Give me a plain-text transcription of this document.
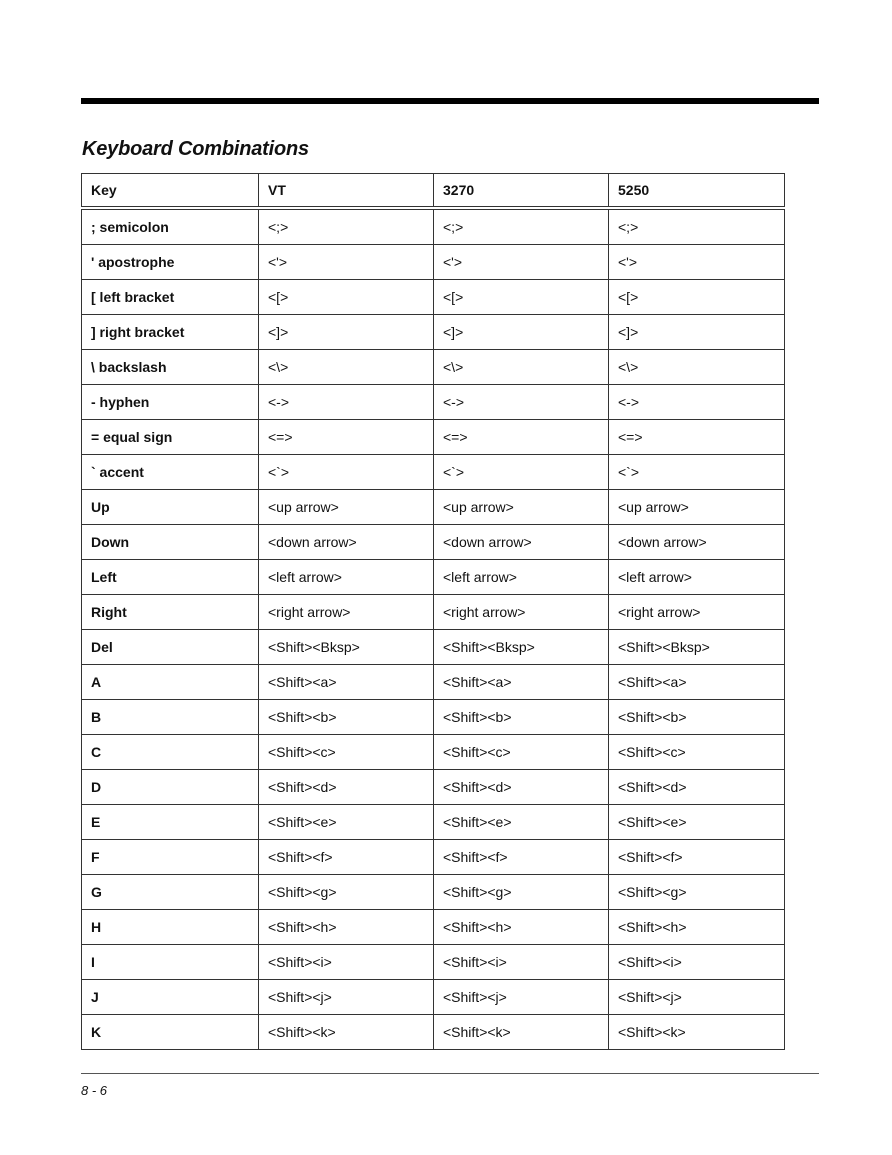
Keyboard Combinations
Key	VT	3270	5250
; semicolon	<;>	<;>	<;>
' apostrophe	<'>	<'>	<'>
[ left bracket	<[>	<[>	<[>
] right bracket	<]>	<]>	<]>
\ backslash	<\>	<\>	<\>
- hyphen	<->	<->	<->
= equal sign	<=>	<=>	<=>
` accent	<`>	<`>	<`>
Up	<up arrow>	<up arrow>	<up arrow>
Down	<down arrow>	<down arrow>	<down arrow>
Left	<left arrow>	<left arrow>	<left arrow>
Right	<right arrow>	<right arrow>	<right arrow>
Del	<Shift><Bksp>	<Shift><Bksp>	<Shift><Bksp>
A	<Shift><a>	<Shift><a>	<Shift><a>
B	<Shift><b>	<Shift><b>	<Shift><b>
C	<Shift><c>	<Shift><c>	<Shift><c>
D	<Shift><d>	<Shift><d>	<Shift><d>
E	<Shift><e>	<Shift><e>	<Shift><e>
F	<Shift><f>	<Shift><f>	<Shift><f>
G	<Shift><g>	<Shift><g>	<Shift><g>
H	<Shift><h>	<Shift><h>	<Shift><h>
I	<Shift><i>	<Shift><i>	<Shift><i>
J	<Shift><j>	<Shift><j>	<Shift><j>
K	<Shift><k>	<Shift><k>	<Shift><k>
8 - 6
